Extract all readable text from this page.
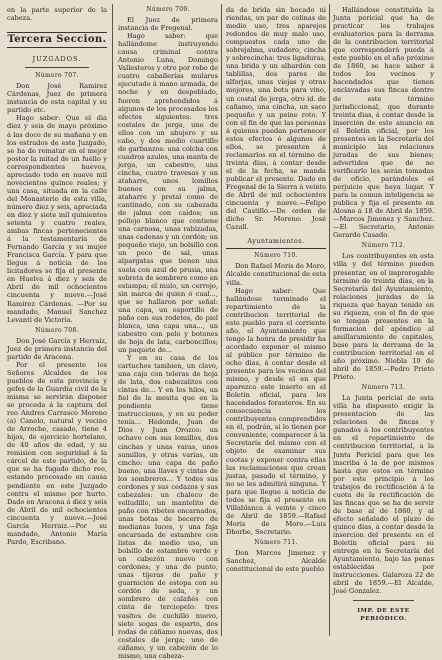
en la parte superior de la cabeza.

Tercera Seccion.
JUZGADOS.
Número 707.

Don José Ramirez Cárdenas, Juez de primera instancia de esta capital y su partido etc.

Hago saber: Que el dia diez y seis de mayo próximo á las doce de su mañana y en los estrados de este Juzgado, se ha de rematar en el mejor postor la mitad de un fuéllo y correspondientes huevos, apreciado todo en nueve mil novecientos quince reales; y una casa, situada en la calle del Monasterio de esta villa, número diez y seis, apreciada en diez y siete mil quinientos setenta y cuatro reales, ambas fincas pertenecientes á la testamentaría de Fernando García y su mujer Francisca García. Y para que llegue á noticia de los licitadores se fija el presente en Huelva á diez y seis de Abril de mil ochocientos cincuenta y nueve.—José Ramirez Cárdenas. —Por su mandado, Manuel Sanchez Levanti de Victoria.

Número 708.

Don José García y Herraiz, Juez de primera instancia del partido de Aracena.

Por el presente los Señores Alcaldes de los pueblos de esta provincia y gefes de la Guardia civil de la misma se servirán disponer se proceda á la captura del reo Andres Carrasco Moreno (a) Canelo, natural y vecino de Arroche, casado, tiene 4 hijos, de ejercicio hortelano, de 40 años de edad, y su remision con seguridad á la cárcel de este partido, de la que se ha fugado dicho reo, estando procesado en causa pendiente en este Juzgado contra el mismo por hurto. Dado en Aracena á diez y seis de Abril de mil ochocientos cincuenta y nueve.—José García Herraiz.—Por su mandado, Antonio María Pardo, Escribano.

Número 709.

El Juez de primera instancia de Fregenal.

Hago saber: que hallándome instruyendo causa criminal contra Antonio Luna, Domingo Vallesteros y otro por robo de cuatro caballerías mulares ejecutado á mano armada, de noche y en despoblado, fueron aprehendidos á algunos de los procesados los efectos siguientes: tres costales de jerga, uno de ellos con un abujero y su cabo, y dos medio cuartillo de garbanzos: una colcha con cuadros azules, una manta de jerga, un cabestro, una cincha, cuatro travesas y un ataharre, unos lomillos buenos con su jalma, ataharre y pretal como de cantinado, con su cabezada de jalma con caídos; un pellejo blanco que contiene una carnosa, unas rabizadas, unas cadenas y un cordón; un pequeño viejo, un bolsillo con un poco de sal, unas alpargatas que tienen una suela con azul de prusia, una sobreta de sombrero como en estampa; el mulo, un cerrojo, sin marca de quien ó cual..., que se hallaron por señal: una capa, un esportillo de paño con sus rodetes, de piel blanca, una capa una..., un cabestro con pelo y botones de hoja de lata, carboncillos; un paquete de...

Y en su casa de los cartuchos tambien, un clavo, una caja con teleras de hoja de lata, dos cabezalitos con cintas de... Y en los hilos, un fiel de la mesita que en la pendiente tiene instrucciones, y en su poder tenía... Hédonde, Juan de Dios y Juan Orozco: un ochavo con sus lomillos, dos cinchas y unas varas, unos sumillos, y otras varias, un cincho: una capa de paño bueno, una llaves y cintas de los sombreros... Y todos sus cordones y sus cedazos y sus cabezales: un chaleco de velludillo, un mantelito de paño con ribetes encarnados, unas botas de becerro de medianas luces, y una faja encarnada de estambre con listas de medio uso, un bolsillo de estambre verde y un cabezón nuevo con cordones; y una de punto, unas tijeras de paño y guarnición de estopa con su cordón de seda, y un sombrero de calañés con cinta de terciopelo: tres vasitos de cuchillo nuevo, siete sogas de esparto, dos rodas de cáñamo nuevas, dos costales de jerga; uno de cáñamo, y un cabezón de lo mismo, una cabeza-

da de brida sin bocado ni riendas, un par de colinas de medio uso, tres aparejos redondos de muy malo uso, compuestos cada uno de sobrejalma, sudadero, cincha y sobrecincha: tres ligaduras, una brida y un albardón con tablillas, dos pares de alforjas, unas viejas y otras mejores, una bota para vino, un costal de jerga, otro id. de cañamo, una cincha, un saco pequeño y un peine roto. Y con el fin de que las personas á quienes puedan pertenecer estos efectos ó algunos de ellos, se presenten á reclamarlos en el término de treinta dias, á contar desde el de la fecha, se manda publicar el presente. Dado en Fregenal de la Sierra á veinte de Abril de mil ochocientos cincuenta y nueve.—Felipe del Castillo.—De orden de dicho Sr. Moreno: José Cazall.

Ayuntamientos.
Número 710.

Don Rafael Moris de Moro, Alcalde constitucional de esta villa.

Hago saber: Que hallándose terminado el repartimiento de la contribucion territorial de este pueblo para el corriente año, el Ayuntamiento que tengo la honra de presidir ha acordado exponer el mismo al público por término de ocho dias, á contar desde el presente para los vecinos del mismo, y desde el en que aparezca este inserto en el Boletin oficial, para los hacendados forasteros. En su consecuencia los contribuyentes comprendidos en él, podrán, si lo tienen por conveniente, comparecer á la Secretaría del mismo con el objeto de examinar sus cuotas y exponer contra ellas las reclamaciones que crean justas, pasado el término, y no se les admitirá ninguna. Y para que llegue á noticia de todos se fija el presente en Villablanca á veinte y cinco de Abril de 1859.—Rafael Moris de Moro.—Luis Dhorbe, Secretario.

Número 711.

Don Marcos Jimenez y Sanchez, Alcalde constitucional de este pueblo

Hallándose constituida la Junta pericial que ha de practicar los trabajos evaluatorios para la derrama de la contribucion territorial que corresponderá pueda á este pueblo en el año próximo de 1860, se hace saber á todos los vecinos y hacendados que tienen enclavadas sus fincas dentro de este término jurisdiccional, que durante treinta dias, á contar desde la inserción de este anuncio en el Boletin oficial, por los presentes en la Secretaría del municipio las relaciones juradas de sus bienes; advertidos que de no verificarlo les serán tomadas de oficio, parándoles el perjuicio que haya lugar. Y para la comun inteligencia se publica y fija el presente en Alosno á 18 de Abril de 1859.—Marcos Jimenez y Sanchez.—El Secretario, Antonio Gerardo Casado.

Número 712.

Los contribuyentes en esta villa y del término pueden presentar, en el improrogable término de treinta dias, en la Secretaría del Ayuntamiento, relaciones juradas de la riqueza que hayan tenido en su riqueza, con el fin de que se tengan presentes en la formacion del apéndice al amillaramiento de capitales, base para la derrama de la contribucion territorial en el año próximo. Niebla 19 de abril de 1859.—Pedro Prieto Prieto.

Número 713.

La Junta pericial de esta villa ha dispuesto exigir la presentacion de las relaciones de fincas y ganados á los contribuyentes en el repartimiento de contribucion territorial, a la Junta Pericial para que les inscriba á la de por mismos hasta que estos en término por este principio á los trabajos de rectificación á la cuota de la rectificación de las fincas que se ha de servir de base al de 1860, y al efecto señalado el plazo de quince dias, á contar desde la insercion del presente en el Boletín oficial para su entrega en la Secretaría del Ayuntamiento, bajo las penas establecidas por instrucciones. Galaroza 22 de abril de 1859.—El Alcalde, José Gonzalez.

IMP. DE ESTE PERIÓDICO.
